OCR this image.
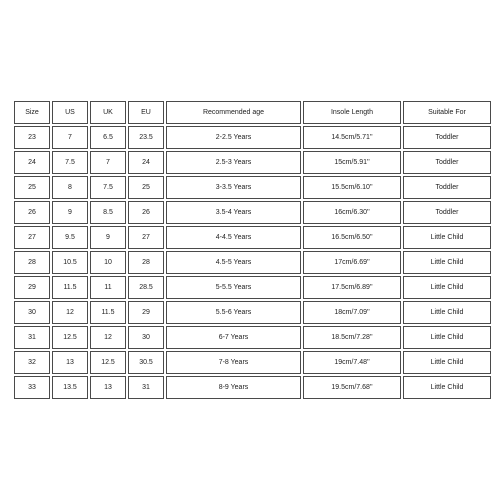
Size	US	UK	EU	Recommended age	Insole Length	Suitable For
23	7	6.5	23.5	2-2.5 Years	14.5cm/5.71''	Toddler
24	7.5	7	24	2.5-3 Years	15cm/5.91''	Toddler
25	8	7.5	25	3-3.5 Years	15.5cm/6.10''	Toddler
26	9	8.5	26	3.5-4 Years	16cm/6.30''	Toddler
27	9.5	9	27	4-4.5 Years	16.5cm/6.50''	Little Child
28	10.5	10	28	4.5-5 Years	17cm/6.69''	Little Child
29	11.5	11	28.5	5-5.5 Years	17.5cm/6.89''	Little Child
30	12	11.5	29	5.5-6 Years	18cm/7.09''	Little Child
31	12.5	12	30	6-7 Years	18.5cm/7.28''	Little Child
32	13	12.5	30.5	7-8 Years	19cm/7.48''	Little Child
33	13.5	13	31	8-9 Years	19.5cm/7.68''	Little Child
